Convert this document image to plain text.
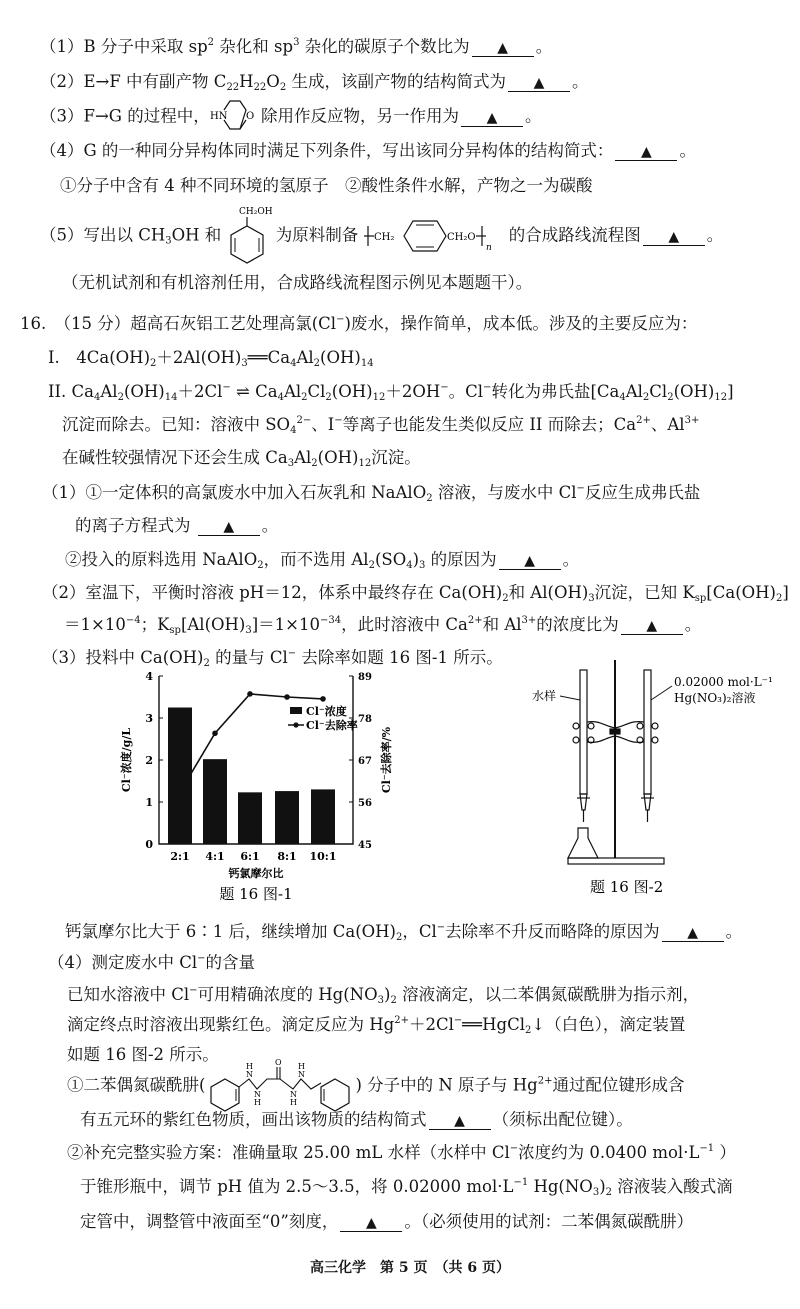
（1）B 分子中采取 $sp^2$ 杂化和 $sp^3$ 杂化的碳原子个数比为 ▲ 。
（2）E→F 中有副产物 $C_{22}H_{22}O_2$ 生成，该副产物的结构简式为 ▲ 。
（3）F→G 的过程中， HN O 除用作反应物，另一作用为 ▲ 。
（4）G 的一种同分异构体同时满足下列条件，写出该同分异构体的结构简式： ▲ 。
①分子中含有 4 种不同环境的氢原子　②酸性条件水解，产物之一为碳酸
（5）写出以 $CH_3OH$ 和
CH₂OH
为原料制备 CH₂	CH₂O
n
的合成路线流程图 ▲ 。
（无机试剂和有机溶剂任用，合成路线流程图示例见本题题干）。
16.　（15 分）超高石灰铝工艺处理高氯(Cl−)废水，操作简单，成本低。涉及的主要反应为：
I.　$4Ca(OH)_2+2Al(OH)_3══Ca_4Al_2(OH)_{14}$
II. $Ca_4Al_2(OH)_{14}+2Cl^-$ ⇌ $Ca_4Al_2Cl_2(OH)_{12}+2OH^-$。Cl−转化为弗氏盐$[Ca_4Al_2Cl_2(OH)_{12}]$
沉淀而除去。已知：溶液中 $SO_4^{2-}$、I−等离子也能发生类似反应 II 而除去；$Ca^{2+}$、$Al^{3+}$
在碱性较强情况下还会生成 $Ca_3Al_2(OH)_{12}$沉淀。
（1）①一定体积的高氯废水中加入石灰乳和 NaAlO$_2$ 溶液，与废水中 Cl−反应生成弗氏盐
的离子方程式为 ▲ 。
②投入的原料选用 NaAlO$_2$，而不选用 $Al_2(SO_4)_3$ 的原因为 ▲ 。
（2）室温下，平衡时溶液 pH＝12，体系中最终存在 $Ca(OH)_2$和 $Al(OH)_3$沉淀，已知 $K_{sp}[Ca(OH)_2]$
$=1\times 10^{-4}$；$K_{sp}[Al(OH)_3]=1\times 10^{-34}$，此时溶液中 $Ca^{2+}$和 $Al^{3+}$的浓度比为 ▲ 。
（3）投料中 $Ca(OH)_2$ 的量与 Cl− 去除率如题 16 图-1 所示。
0
1
2
3
4
45
56
67
78
89
2:1 4:1 6:1 8:1 10:1
Cl⁻浓度/g/L	Cl⁻去除率/%
Cl⁻浓度
Cl⁻去除率
钙氯摩尔比
题 16 图-1
水样
0.02000 mol·L⁻¹
Hg(NO₃)₂溶液
题 16 图-2
钙氯摩尔比大于 6∶1 后，继续增加 $Ca(OH)_2$，Cl−去除率不升反而略降的原因为 ▲ 。
（4）测定废水中 Cl−的含量
已知水溶液中 Cl−可用精确浓度的 $Hg(NO_3)_2$ 溶液滴定，以二苯偶氮碳酰肼为指示剂，
滴定终点时溶液出现紫红色。滴定反应为 $Hg^{2+}+2Cl^-══HgCl_2↓$（白色），滴定装置
如题 16 图-2 所示。
①二苯偶氮碳酰肼(
O
N
H
N
H
N
H
N
H
) 分子中的 N 原子与 $Hg^{2+}$通过配位键形成含
有五元环的紫红色物质，画出该物质的结构简式 ▲ （须标出配位键）。
②补充完整实验方案：准确量取 25.00 mL 水样（水样中 Cl−浓度约为 0.0400 $mol\cdot L^{-1}$ ）
于锥形瓶中，调节 pH 值为 2.5～3.5，将 0.02000 $mol\cdot L^{-1}$ $Hg(NO_3)_2$ 溶液装入酸式滴
定管中，调整管中液面至“0”刻度， ▲ 。（必须使用的试剂：二苯偶氮碳酰肼）
高三化学　第 5 页　（共 6 页）
